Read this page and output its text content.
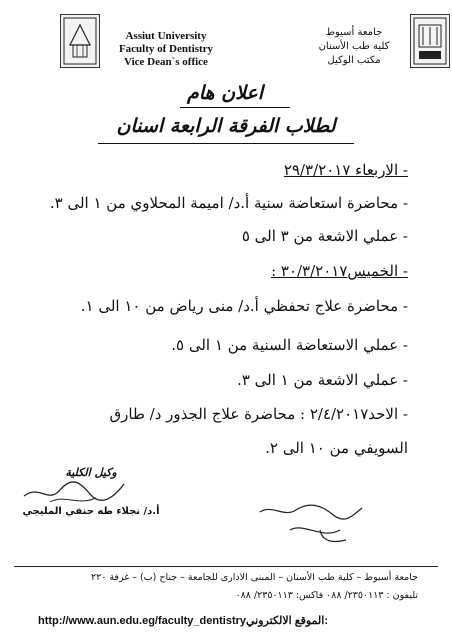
Assiut University
Faculty of Dentistry
Vice Dean`s office
جامعة أسيوط
كلية طب الأسنان
مكتب الوكيل
اعلان هام
لطلاب الفرقة الرابعة اسنان
- الاربعاء ٢٩/٣/٢٠١٧
- محاضرة استعاضة سنية أ.د/ اميمة المحلاوي من ١ الى ٣.
- عملي الاشعة من ٣ الى ٥
- الخميس٣٠/٣/٢٠١٧ :
- محاضرة علاج تحفظي أ.د/ منى رياض من ١٠ الى ١.
- عملي الاستعاضة السنية من ١ الى ٥.
- عملي الاشعة من ١ الى ٣.
- الاحد٢/٤/٢٠١٧ : محاضرة علاج الجذور د/ طارق
السويفي من ١٠ الى ٢.
وكيل الكلية
أ.د/ نجلاء طه حنفي المليجي
جامعة أسيوط – كلية طب الأسنان – المبنى الادارى للجامعة – جناح (ب) – غرفة ٢٢٠
تليفون : ٢٣٥٠١١٣/ ٠٨٨ فاكس: ٢٣٥٠١١٣/ ٠٨٨
http://www.aun.edu.eg/faculty_dentistryالموقع الالكتروني:
